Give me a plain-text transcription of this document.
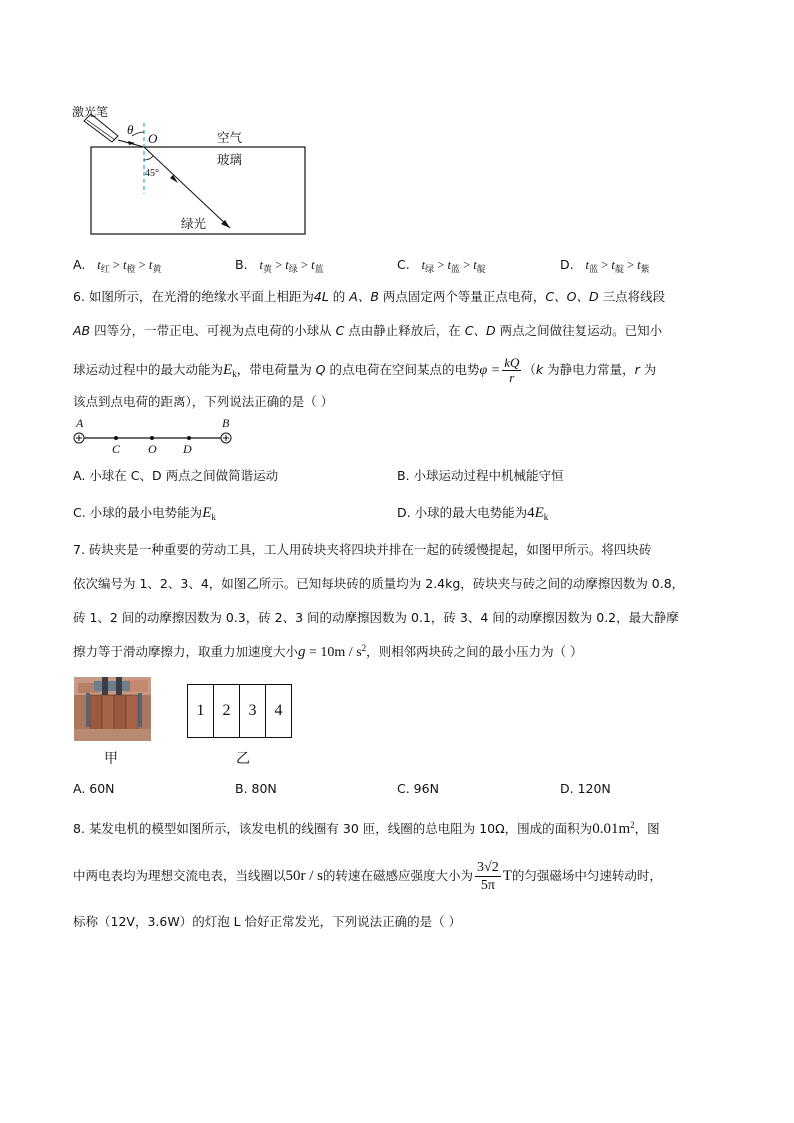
激光笔
θ
O	空气
玻璃
45°
绿光
A. $t_红 > t_橙 > t_黄$	B. $t_黄 > t_绿 > t_蓝$	C. $t_绿 > t_蓝 > t_靛$	D. $t_蓝 > t_靛 > t_紫$
6. 如图所示，在光滑的绝缘水平面上相距为4L 的 A、B 两点固定两个等量正点电荷，C、O、D 三点将线段
AB 四等分，一带正电、可视为点电荷的小球从 C 点由静止释放后，在 C、D 两点之间做往复运动。已知小
球运动过程中的最大动能为$E_k$，带电荷量为 Q 的点电荷在空间某点的电势$\varphi = \frac{kQ}{r} (k$ 为静电力常量，r 为
该点到点电荷的距离），下列说法正确的是（ ）
A	B
C O D
A. 小球在 C、D 两点之间做简谐运动	B. 小球运动过程中机械能守恒
C. 小球的最小电势能为$E_k$	D. 小球的最大电势能为$4E_k$
7. 砖块夹是一种重要的劳动工具，工人用砖块夹将四块并排在一起的砖缓慢提起，如图甲所示。将四块砖
依次编号为 1、2、3、4，如图乙所示。已知每块砖的质量均为 2.4kg，砖块夹与砖之间的动摩擦因数为 0.8，
砖 1、2 间的动摩擦因数为 0.3，砖 2、3 间的动摩擦因数为 0.1，砖 3、4 间的动摩擦因数为 0.2，最大静摩
擦力等于滑动摩擦力，取重力加速度大小$g = 10m / s^2$，则相邻两块砖之间的最小压力为（ ）
1	2	3	4
甲	乙
A. 60N	B. 80N	C. 96N	D. 120N
8. 某发电机的模型如图所示，该发电机的线圈有 30 匝，线圈的总电阻为 10Ω，围成的面积为$0.01m^2$，图
中两电表均为理想交流电表，当线圈以50r / s的转速在磁感应强度大小为 $\frac{3√2}{5\pi}$ T的匀强磁场中匀速转动时，
标称（12V，3.6W）的灯泡 L 恰好正常发光，下列说法正确的是（ ）
